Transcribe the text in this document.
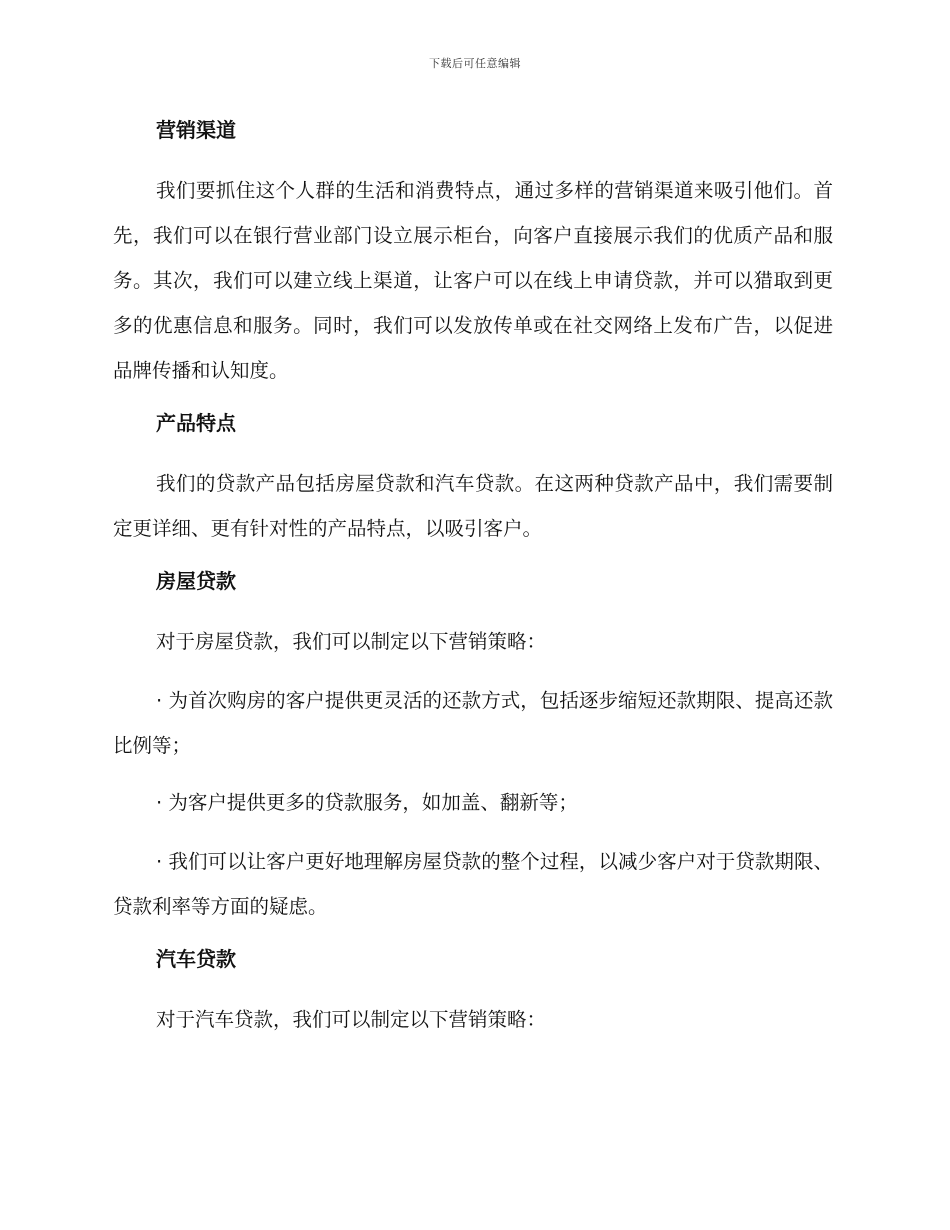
下载后可任意编辑
营销渠道

我们要抓住这个人群的生活和消费特点，通过多样的营销渠道来吸引他们。首先，我们可以在银行营业部门设立展示柜台，向客户直接展示我们的优质产品和服务。其次，我们可以建立线上渠道，让客户可以在线上申请贷款，并可以猎取到更多的优惠信息和服务。同时，我们可以发放传单或在社交网络上发布广告，以促进品牌传播和认知度。

产品特点

我们的贷款产品包括房屋贷款和汽车贷款。在这两种贷款产品中，我们需要制定更详细、更有针对性的产品特点，以吸引客户。

房屋贷款

对于房屋贷款，我们可以制定以下营销策略：

· 为首次购房的客户提供更灵活的还款方式，包括逐步缩短还款期限、提高还款比例等；

· 为客户提供更多的贷款服务，如加盖、翻新等；

· 我们可以让客户更好地理解房屋贷款的整个过程，以减少客户对于贷款期限、贷款利率等方面的疑虑。

汽车贷款

对于汽车贷款，我们可以制定以下营销策略：
